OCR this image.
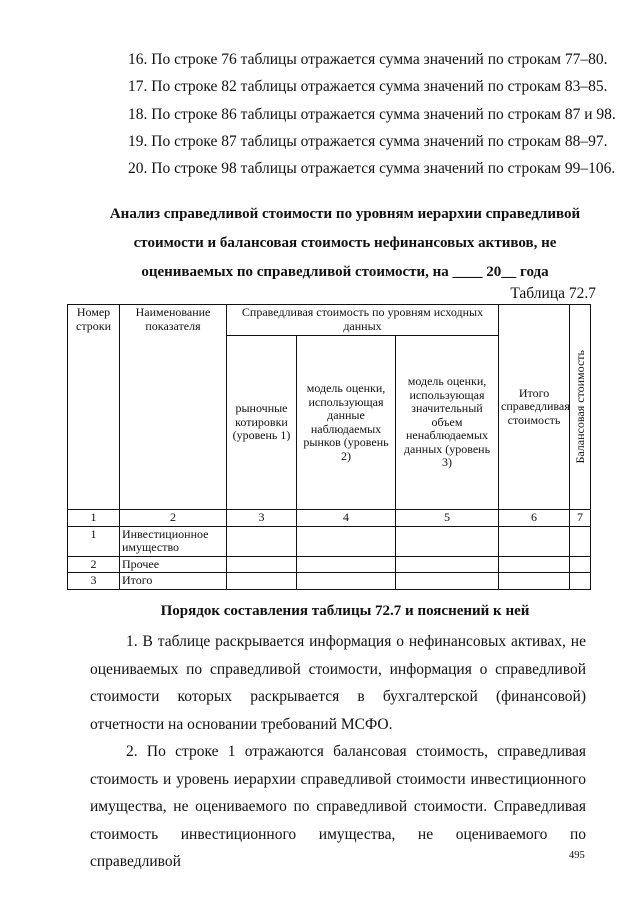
16. По строке 76 таблицы отражается сумма значений по строкам 77–80.
17. По строке 82 таблицы отражается сумма значений по строкам 83–85.
18. По строке 86 таблицы отражается сумма значений по строкам 87 и 98.
19. По строке 87 таблицы отражается сумма значений по строкам 88–97.
20. По строке 98 таблицы отражается сумма значений по строкам 99–106.
Анализ справедливой стоимости по уровням иерархии справедливой
стоимости и балансовая стоимость нефинансовых активов, не
оцениваемых по справедливой стоимости, на ____ 20__ года
Таблица 72.7
Номер строки	Наименование показателя	Справедливая стоимость по уровням исходных данных			Итого справедливая стоимость	Балансовая стоимость

		рыночные котировки (уровень 1)	модель оценки, использующая данные наблюдаемых рынков (уровень 2)	модель оценки, использующая значительный объем ненаблюдаемых данных (уровень 3)		
1	2	3	4	5	6	7
1	Инвестиционное имущество					
2	Прочее					
3	Итого					
Порядок составления таблицы 72.7 и пояснений к ней
1. В таблице раскрывается информация о нефинансовых активах, не оцениваемых по справедливой стоимости, информация о справедливой стоимости которых раскрывается в бухгалтерской (финансовой) отчетности на основании требований МСФО.
2. По строке 1 отражаются балансовая стоимость, справедливая стоимость и уровень иерархии справедливой стоимости инвестиционного имущества, не оцениваемого по справедливой стоимости. Справедливая стоимость инвестиционного имущества, не оцениваемого по справедливой	495
